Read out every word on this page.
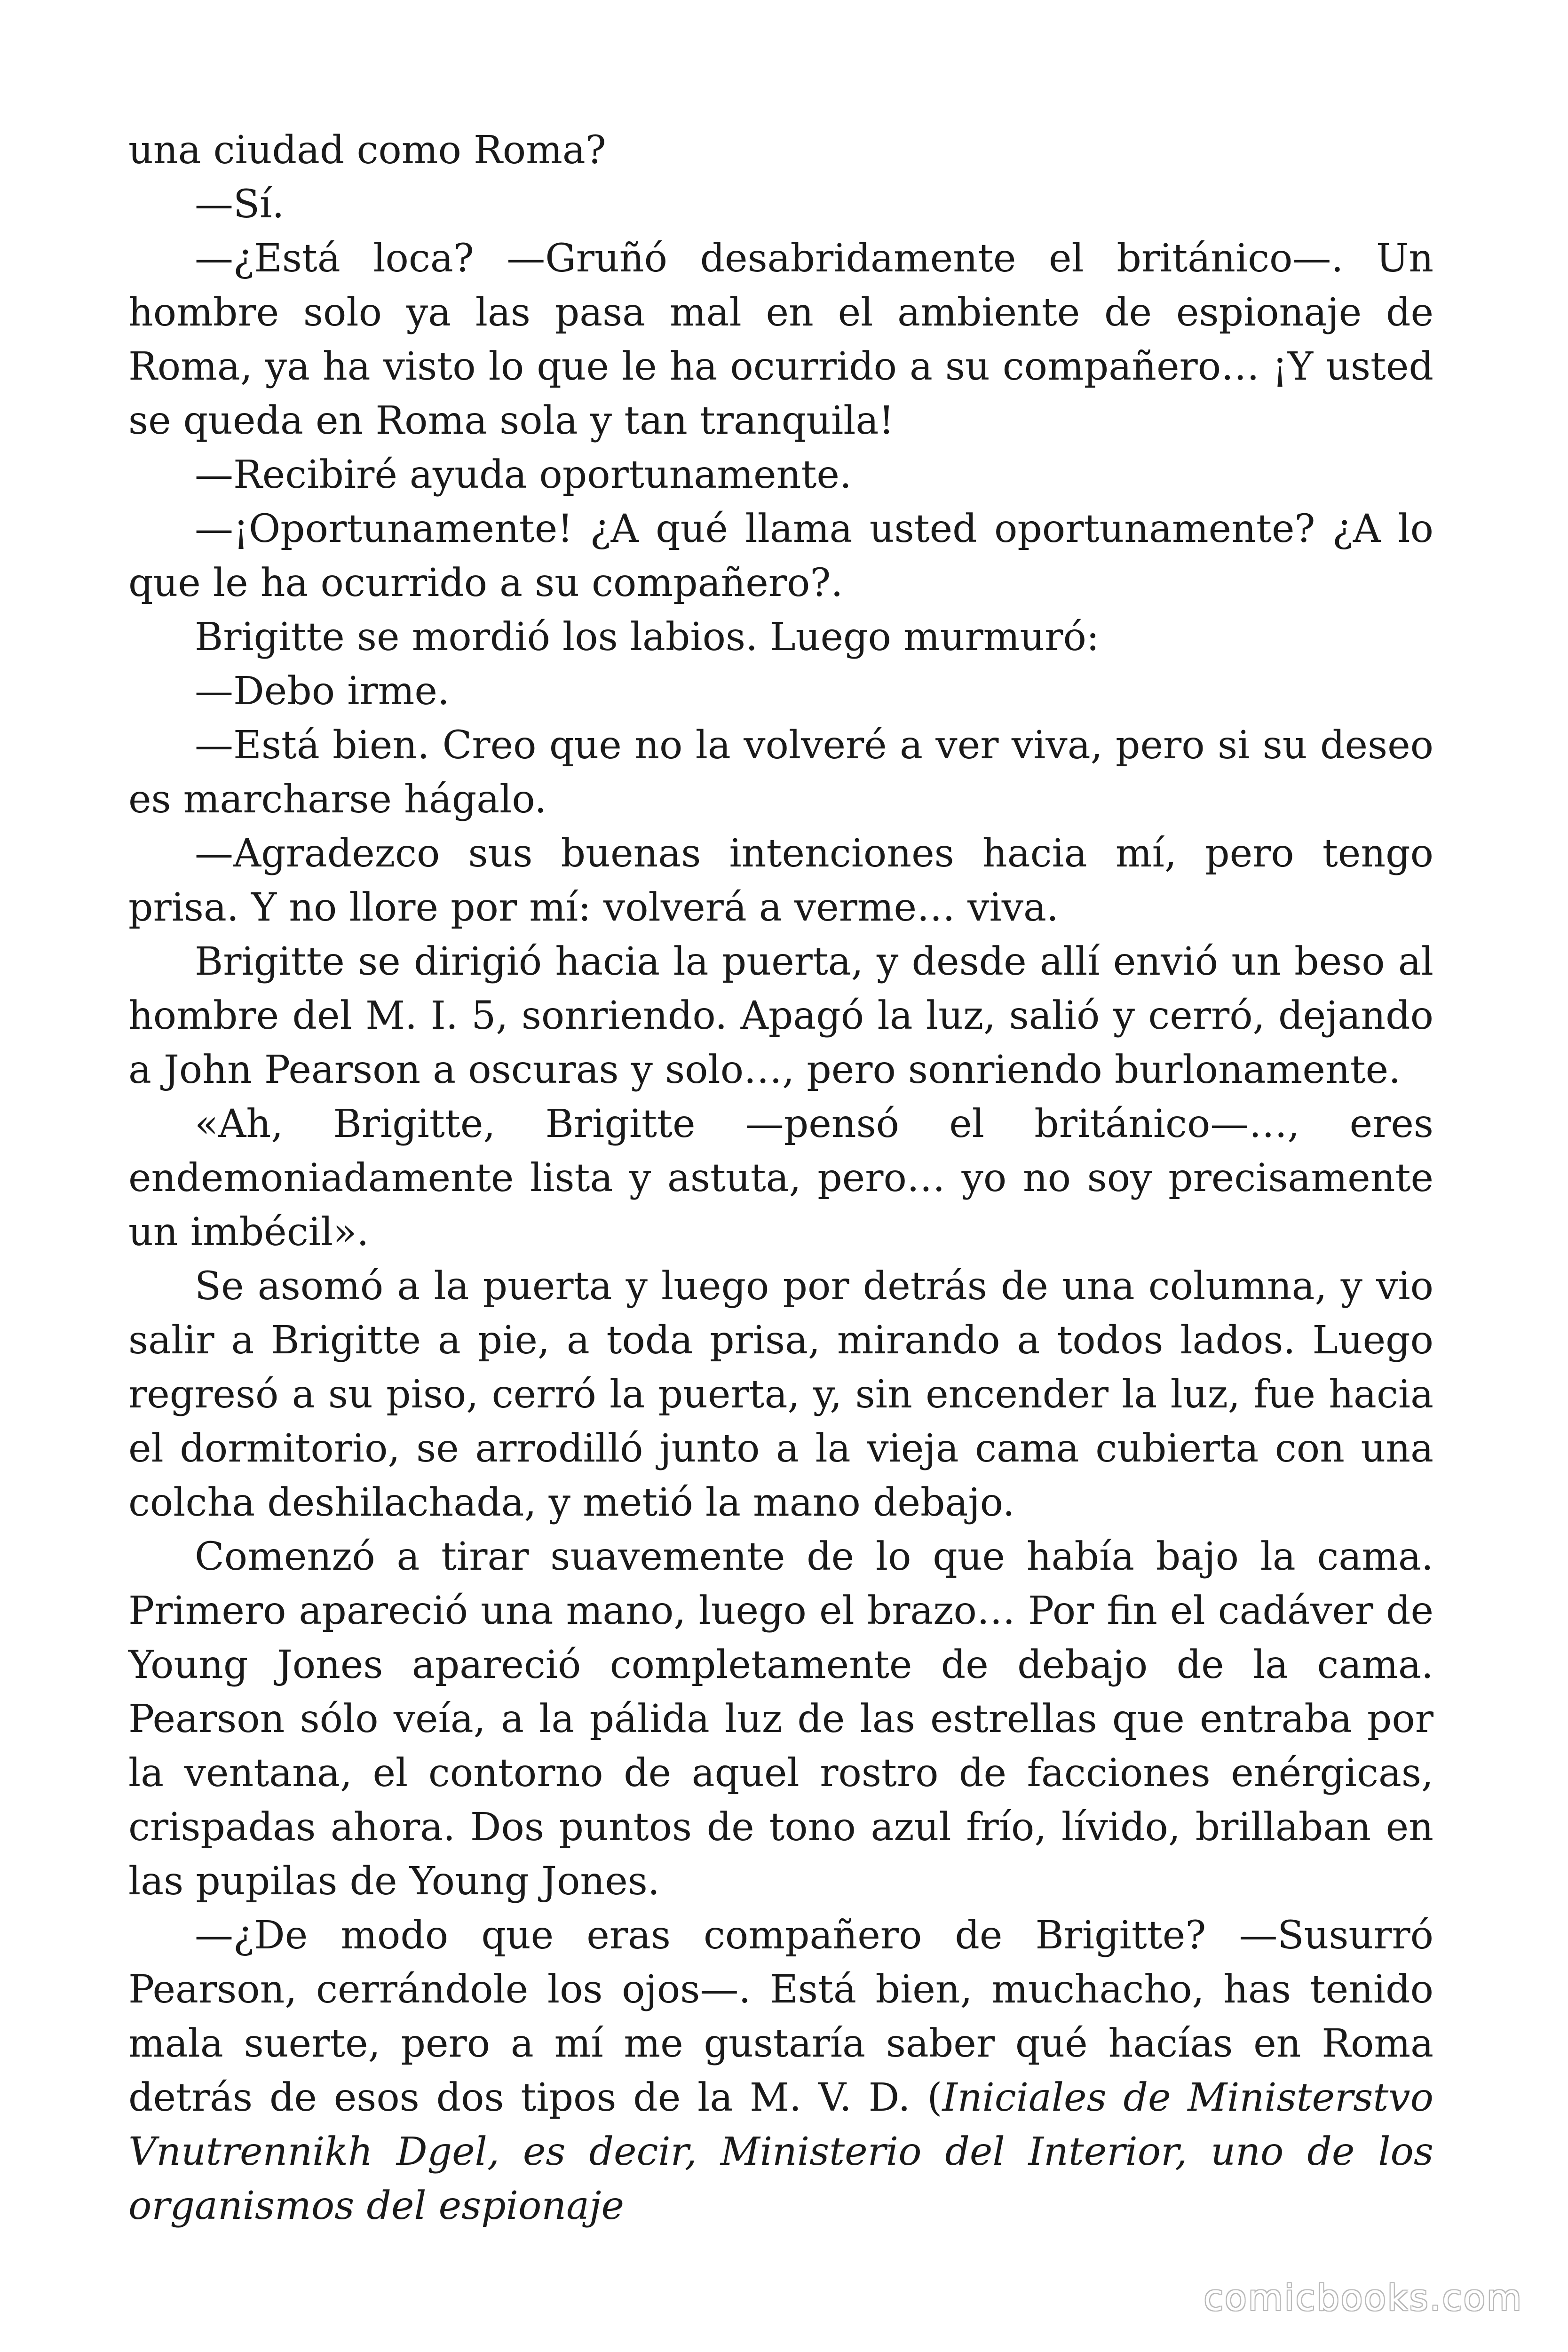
una ciudad como Roma?

—Sí.

—¿Está loca? —Gruñó desabridamente el británico—. Un hombre solo ya las pasa mal en el ambiente de espionaje de Roma, ya ha visto lo que le ha ocurrido a su compañero… ¡Y usted se queda en Roma sola y tan tranquila!

—Recibiré ayuda oportunamente.

—¡Oportunamente! ¿A qué llama usted oportunamente? ¿A lo que le ha ocurrido a su compañero?.

Brigitte se mordió los labios. Luego murmuró:

—Debo irme.

—Está bien. Creo que no la volveré a ver viva, pero si su deseo es marcharse hágalo.

—Agradezco sus buenas intenciones hacia mí, pero tengo prisa. Y no llore por mí: volverá a verme… viva.

Brigitte se dirigió hacia la puerta, y desde allí envió un beso al hombre del M. I. 5, sonriendo. Apagó la luz, salió y cerró, dejando a John Pearson a oscuras y solo…, pero sonriendo burlonamente.

«Ah, Brigitte, Brigitte —pensó el británico—…, eres endemoniadamente lista y astuta, pero… yo no soy precisamente un imbécil».

Se asomó a la puerta y luego por detrás de una columna, y vio salir a Brigitte a pie, a toda prisa, mirando a todos lados. Luego regresó a su piso, cerró la puerta, y, sin encender la luz, fue hacia el dormitorio, se arrodilló junto a la vieja cama cubierta con una colcha deshilachada, y metió la mano debajo.

Comenzó a tirar suavemente de lo que había bajo la cama. Primero apareció una mano, luego el brazo… Por fin el cadáver de Young Jones apareció completamente de debajo de la cama. Pearson sólo veía, a la pálida luz de las estrellas que entraba por la ventana, el contorno de aquel rostro de facciones enérgicas, crispadas ahora. Dos puntos de tono azul frío, lívido, brillaban en las pupilas de Young Jones.

—¿De modo que eras compañero de Brigitte? —Susurró Pearson, cerrándole los ojos—. Está bien, muchacho, has tenido mala suerte, pero a mí me gustaría saber qué hacías en Roma detrás de esos dos tipos de la M. V. D. (Iniciales de Ministerstvo Vnutrennikh Dgel, es decir, Ministerio del Interior, uno de los organismos del espionaje

comicbooks.com
